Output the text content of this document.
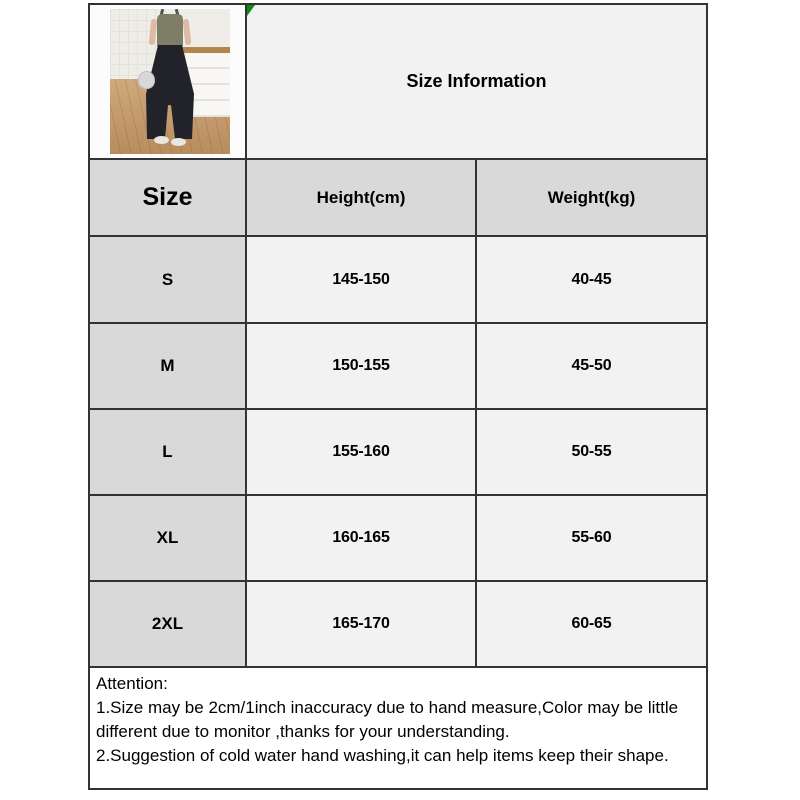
Size Information
Size	Height(cm)	Weight(kg)
S	145-150	40-45
M	150-155	45-50
L	155-160	50-55
XL	160-165	55-60
2XL	165-170	60-65

Attention:

1.Size may be 2cm/1inch inaccuracy due to hand measure,Color may be little different due to monitor ,thanks for your understanding.

2.Suggestion of cold water hand washing,it can help items keep their shape.
